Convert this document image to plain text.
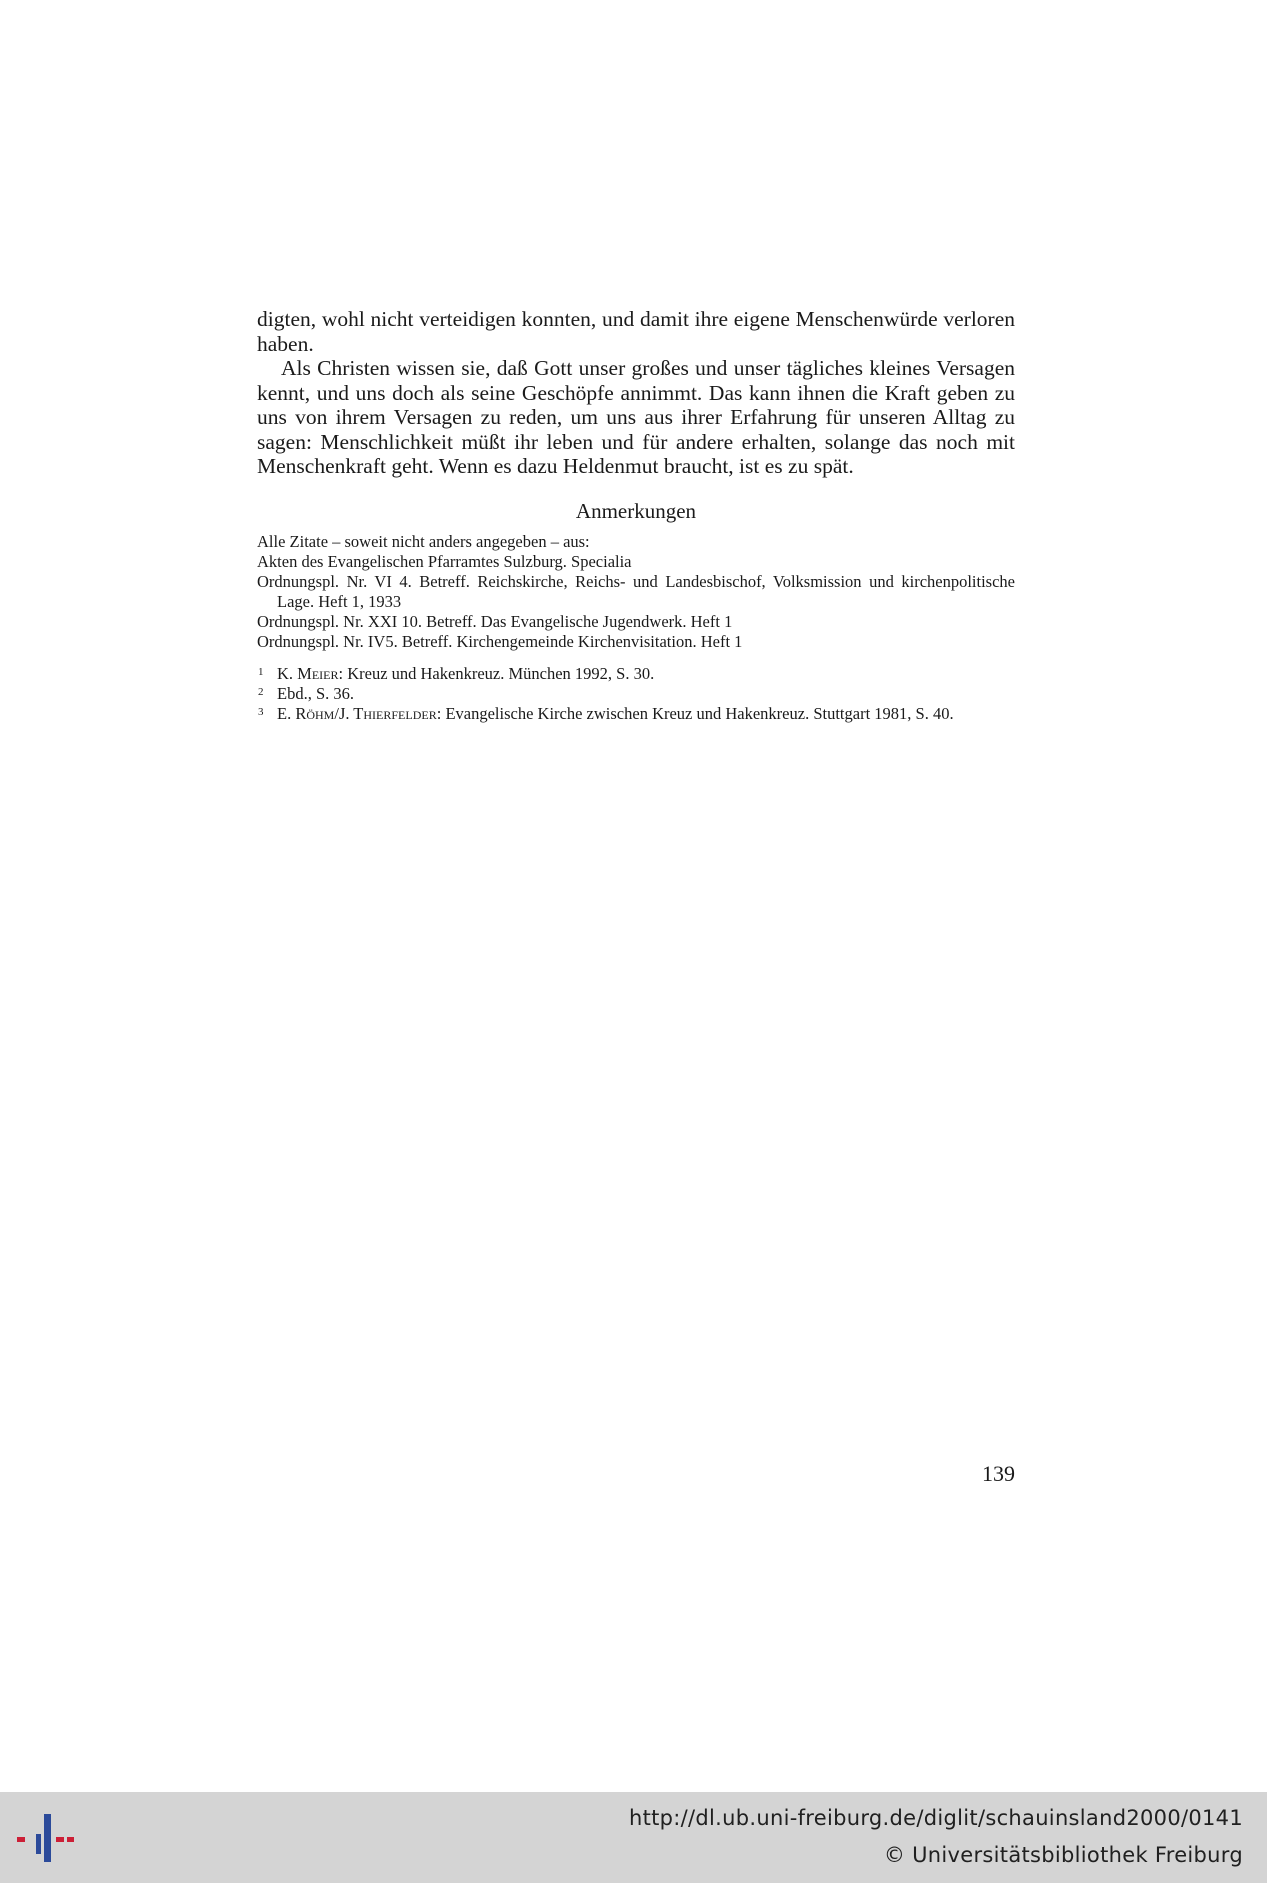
digten, wohl nicht verteidigen konnten, und damit ihre eigene Menschenwürde verloren haben.

Als Christen wissen sie, daß Gott unser großes und unser tägliches kleines Versagen kennt, und uns doch als seine Geschöpfe annimmt. Das kann ihnen die Kraft geben zu uns von ihrem Versagen zu reden, um uns aus ihrer Erfahrung für unseren Alltag zu sagen: Menschlichkeit müßt ihr leben und für andere erhalten, solange das noch mit Menschenkraft geht. Wenn es dazu Heldenmut braucht, ist es zu spät.

Anmerkungen

Alle Zitate – soweit nicht anders angegeben – aus:

Akten des Evangelischen Pfarramtes Sulzburg. Specialia

Ordnungspl. Nr. VI 4. Betreff. Reichskirche, Reichs- und Landesbischof, Volksmission und kirchenpolitische Lage. Heft 1, 1933

Ordnungspl. Nr. XXI 10. Betreff. Das Evangelische Jugendwerk. Heft 1

Ordnungspl. Nr. IV5. Betreff. Kirchengemeinde Kirchenvisitation. Heft 1

1 K. Meier: Kreuz und Hakenkreuz. München 1992, S. 30.
2 Ebd., S. 36.
3 E. Röhm/J. Thierfelder: Evangelische Kirche zwischen Kreuz und Hakenkreuz. Stuttgart 1981, S. 40.
139
http://dl.ub.uni-freiburg.de/diglit/schauinsland2000/0141
© Universitätsbibliothek Freiburg
